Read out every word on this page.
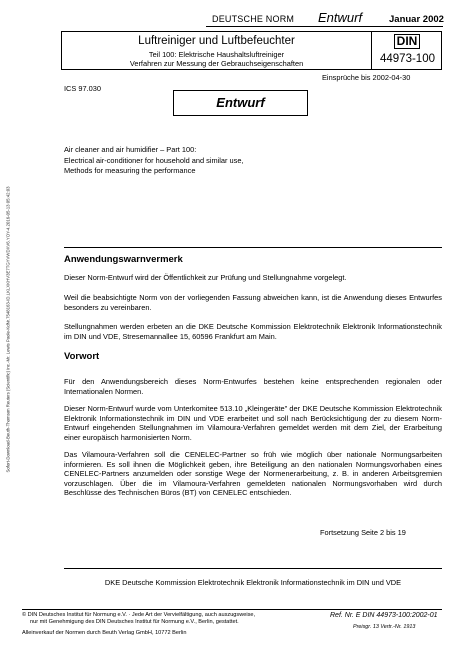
Sofort-Download-Beuth-Thomson Reuters (Scientific) Inc.-Mr. Lewis Poole-KdNr.7548163-ID.LKLXKHV3E7TGYVWDXV6.YOY-4.2016-05-13 05:42:03
DEUTSCHE NORM Entwurf	Januar 2002
Luftreiniger und Luftbefeuchter
Teil 100: Elektrische Haushaltsluftreiniger
Verfahren zur Messung der Gebrauchseigenschaften
DIN
44973-100
Einsprüche bis 2002-04-30
ICS 97.030
Entwurf
Air cleaner and air humidifier – Part 100:
Electrical air-conditioner for household and similar use,
Methods for measuring the performance
Anwendungswarnvermerk
Dieser Norm-Entwurf wird der Öffentlichkeit zur Prüfung und Stellungnahme vorgelegt.
Weil die beabsichtigte Norm von der vorliegenden Fassung abweichen kann, ist die Anwendung dieses Entwurfes besonders zu vereinbaren.
Stellungnahmen werden erbeten an die DKE Deutsche Kommission Elektrotechnik Elektronik Informationstechnik im DIN und VDE, Stresemannallee 15, 60596 Frankfurt am Main.
Vorwort
Für den Anwendungsbereich dieses Norm-Entwurfes bestehen keine entsprechenden regionalen oder Internationalen Normen.
Dieser Norm-Entwurf wurde vom Unterkomitee 513.10 „Kleingeräte" der DKE Deutsche Kommission Elektrotechnik Elektronik Informationstechnik im DIN und VDE erarbeitet und soll nach Berücksichtigung der zu diesem Norm-Entwurf eingehenden Stellungnahmen im Vilamoura-Verfahren gemeldet werden mit dem Ziel, der Erarbeitung einer europäisch harmonisierten Norm.
Das Vilamoura-Verfahren soll die CENELEC-Partner so früh wie möglich über nationale Normungsarbeiten informieren. Es soll ihnen die Möglichkeit geben, ihre Beteiligung an den nationalen Normungsvorhaben eines CENELEC-Partners anzumelden oder sonstige Wege der Normenerarbeitung, z. B. in anderen Arbeitsgremien vorzuschlagen. Über die im Vilamoura-Verfahren gemeldeten nationalen Normungsvorhaben wird durch Beschlüsse des Technischen Büros (BT) von CENELEC entschieden.
Fortsetzung Seite 2 bis 19
DKE Deutsche Kommission Elektrotechnik Elektronik Informationstechnik im DIN und VDE
© DIN Deutsches Institut für Normung e.V. · Jede Art der Vervielfältigung, auch auszugsweise,
nur mit Genehmigung des DIN Deutsches Institut für Normung e.V., Berlin, gestattet.
Alleinverkauf der Normen durch Beuth Verlag GmbH, 10772 Berlin
Ref. Nr. E DIN 44973-100:2002-01
Preisgr. 13 Vertr.-Nr. 1913
